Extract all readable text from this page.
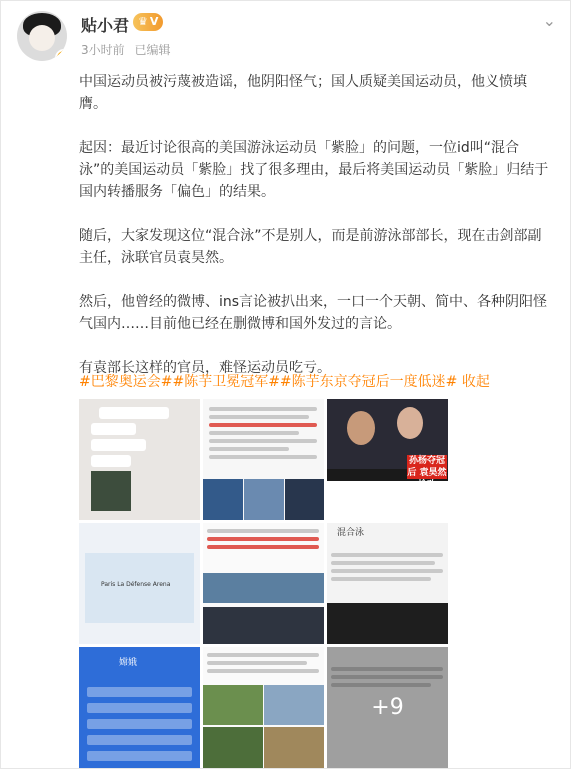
贴小君 ♛ V
3小时前 已编辑
⌄

中国运动员被污蔑被造谣，他阴阳怪气；国人质疑美国运动员，他义愤填膺。

起因：最近讨论很高的美国游泳运动员「紫脸」的问题，一位id叫“混合泳”的美国运动员「紫脸」找了很多理由，最后将美国运动员「紫脸」归结于国内转播服务「偏色」的结果。

随后，大家发现这位“混合泳”不是别人，而是前游泳部部长，现在击剑部副主任，泳联官员袁昊然。

然后，他曾经的微博、ins言论被扒出来，一口一个天朝、简中、各种阴阳怪气国内……目前他已经在删微博和国外发过的言论。

有袁部长这样的官员，难怪运动员吃亏。

#巴黎奥运会##陈芋卫冕冠军##陈芋东京夺冠后一度低迷# 收起
孙杨夺冠后 袁昊然
Paris La Défense Arena
混合泳
嫦娥
+9
